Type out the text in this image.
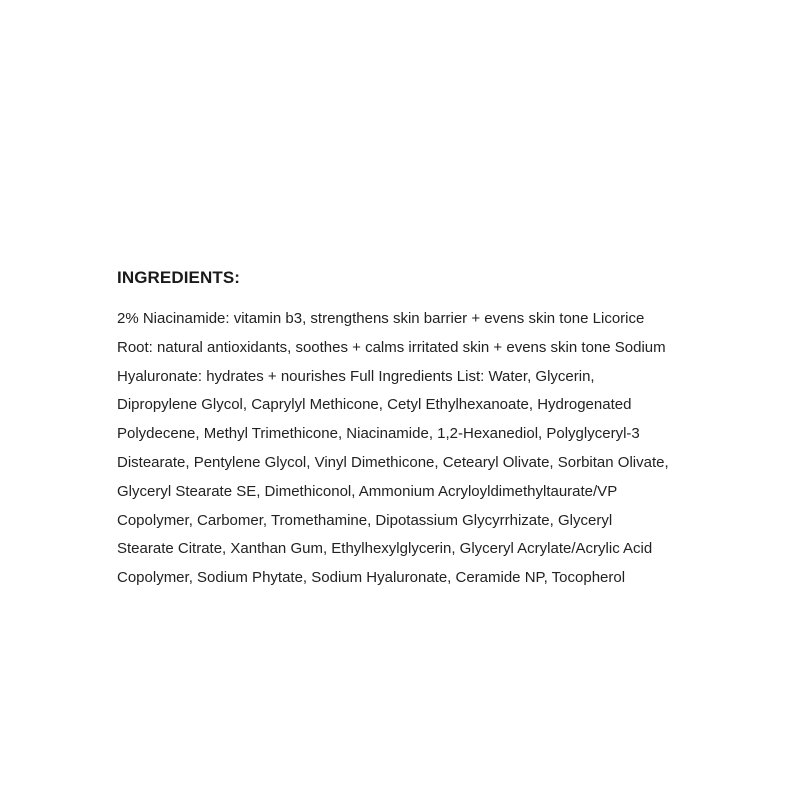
INGREDIENTS:

2% Niacinamide: vitamin b3, strengthens skin barrier + evens skin tone Licorice
Root: natural antioxidants, soothes + calms irritated skin + evens skin tone Sodium
Hyaluronate: hydrates + nourishes Full Ingredients List: Water, Glycerin,
Dipropylene Glycol, Caprylyl Methicone, Cetyl Ethylhexanoate, Hydrogenated
Polydecene, Methyl Trimethicone, Niacinamide, 1,2-Hexanediol, Polyglyceryl-3
Distearate, Pentylene Glycol, Vinyl Dimethicone, Cetearyl Olivate, Sorbitan Olivate,
Glyceryl Stearate SE, Dimethiconol, Ammonium Acryloyldimethyltaurate/VP
Copolymer, Carbomer, Tromethamine, Dipotassium Glycyrrhizate, Glyceryl
Stearate Citrate, Xanthan Gum, Ethylhexylglycerin, Glyceryl Acrylate/Acrylic Acid
Copolymer, Sodium Phytate, Sodium Hyaluronate, Ceramide NP, Tocopherol
